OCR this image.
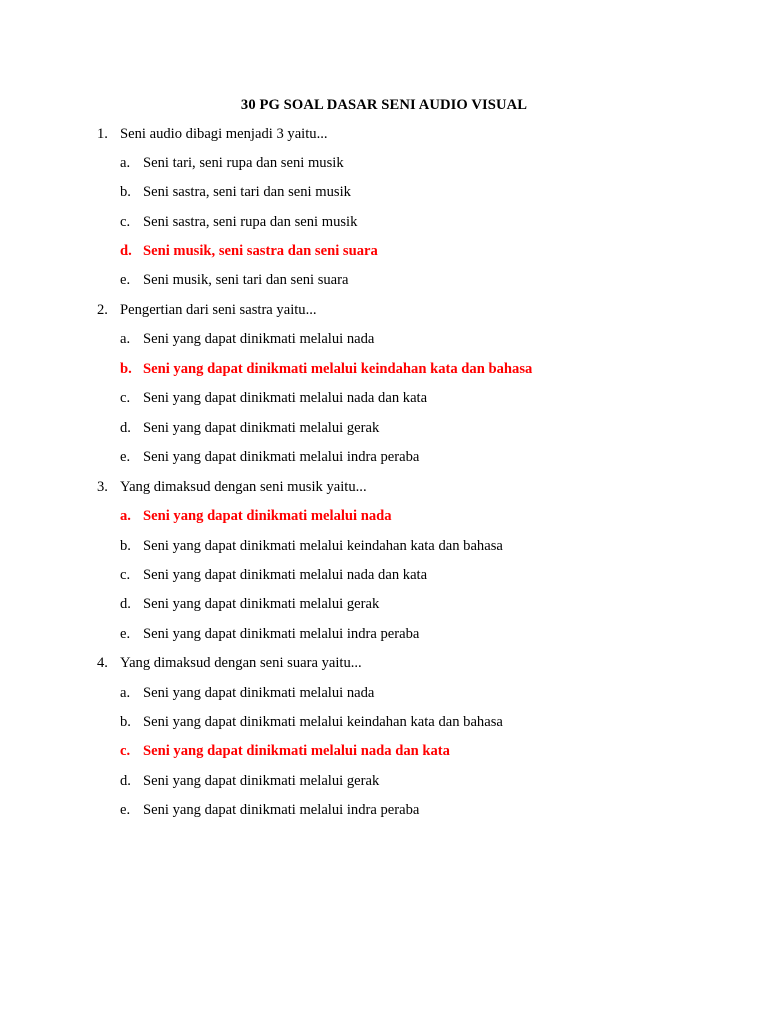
30 PG SOAL DASAR SENI AUDIO VISUAL
1. Seni audio dibagi menjadi 3 yaitu...
a. Seni tari, seni rupa dan seni musik
b. Seni sastra, seni tari dan seni musik
c. Seni sastra, seni rupa dan seni musik
d. Seni musik, seni sastra dan seni suara
e. Seni musik, seni tari dan seni suara
2. Pengertian dari seni sastra yaitu...
a. Seni yang dapat dinikmati melalui nada
b. Seni yang dapat dinikmati melalui keindahan kata dan bahasa
c. Seni yang dapat dinikmati melalui nada dan kata
d. Seni yang dapat dinikmati melalui gerak
e. Seni yang dapat dinikmati melalui indra peraba
3. Yang dimaksud dengan seni musik yaitu...
a. Seni yang dapat dinikmati melalui nada
b. Seni yang dapat dinikmati melalui keindahan kata dan bahasa
c. Seni yang dapat dinikmati melalui nada dan kata
d. Seni yang dapat dinikmati melalui gerak
e. Seni yang dapat dinikmati melalui indra peraba
4. Yang dimaksud dengan seni suara yaitu...
a. Seni yang dapat dinikmati melalui nada
b. Seni yang dapat dinikmati melalui keindahan kata dan bahasa
c. Seni yang dapat dinikmati melalui nada dan kata
d. Seni yang dapat dinikmati melalui gerak
e. Seni yang dapat dinikmati melalui indra peraba
